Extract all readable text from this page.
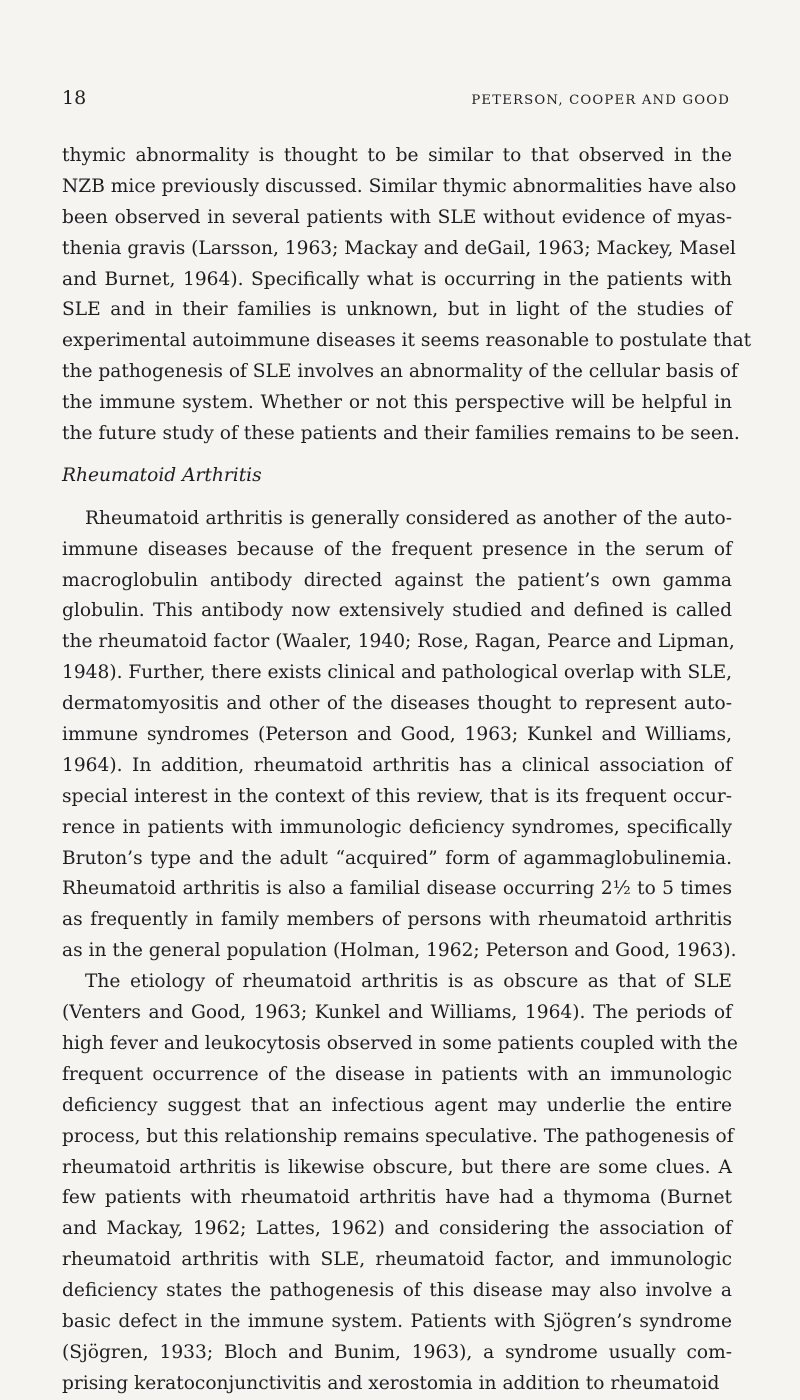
18	PETERSON, COOPER AND GOOD
thymic abnormality is thought to be similar to that observed in the
NZB mice previously discussed. Similar thymic abnormalities have also
been observed in several patients with SLE without evidence of myas-
thenia gravis (Larsson, 1963; Mackay and deGail, 1963; Mackey, Masel
and Burnet, 1964). Specifically what is occurring in the patients with
SLE and in their families is unknown, but in light of the studies of
experimental autoimmune diseases it seems reasonable to postulate that
the pathogenesis of SLE involves an abnormality of the cellular basis of
the immune system. Whether or not this perspective will be helpful in
the future study of these patients and their families remains to be seen.
Rheumatoid Arthritis
Rheumatoid arthritis is generally considered as another of the auto-
immune diseases because of the frequent presence in the serum of
macroglobulin antibody directed against the patient’s own gamma
globulin. This antibody now extensively studied and defined is called
the rheumatoid factor (Waaler, 1940; Rose, Ragan, Pearce and Lipman,
1948). Further, there exists clinical and pathological overlap with SLE,
dermatomyositis and other of the diseases thought to represent auto-
immune syndromes (Peterson and Good, 1963; Kunkel and Williams,
1964). In addition, rheumatoid arthritis has a clinical association of
special interest in the context of this review, that is its frequent occur-
rence in patients with immunologic deficiency syndromes, specifically
Bruton’s type and the adult “acquired” form of agammaglobulinemia.
Rheumatoid arthritis is also a familial disease occurring 2½ to 5 times
as frequently in family members of persons with rheumatoid arthritis
as in the general population (Holman, 1962; Peterson and Good, 1963).
The etiology of rheumatoid arthritis is as obscure as that of SLE
(Venters and Good, 1963; Kunkel and Williams, 1964). The periods of
high fever and leukocytosis observed in some patients coupled with the
frequent occurrence of the disease in patients with an immunologic
deficiency suggest that an infectious agent may underlie the entire
process, but this relationship remains speculative. The pathogenesis of
rheumatoid arthritis is likewise obscure, but there are some clues. A
few patients with rheumatoid arthritis have had a thymoma (Burnet
and Mackay, 1962; Lattes, 1962) and considering the association of
rheumatoid arthritis with SLE, rheumatoid factor, and immunologic
deficiency states the pathogenesis of this disease may also involve a
basic defect in the immune system. Patients with Sjögren’s syndrome
(Sjögren, 1933; Bloch and Bunim, 1963), a syndrome usually com-
prising keratoconjunctivitis and xerostomia in addition to rheumatoid
